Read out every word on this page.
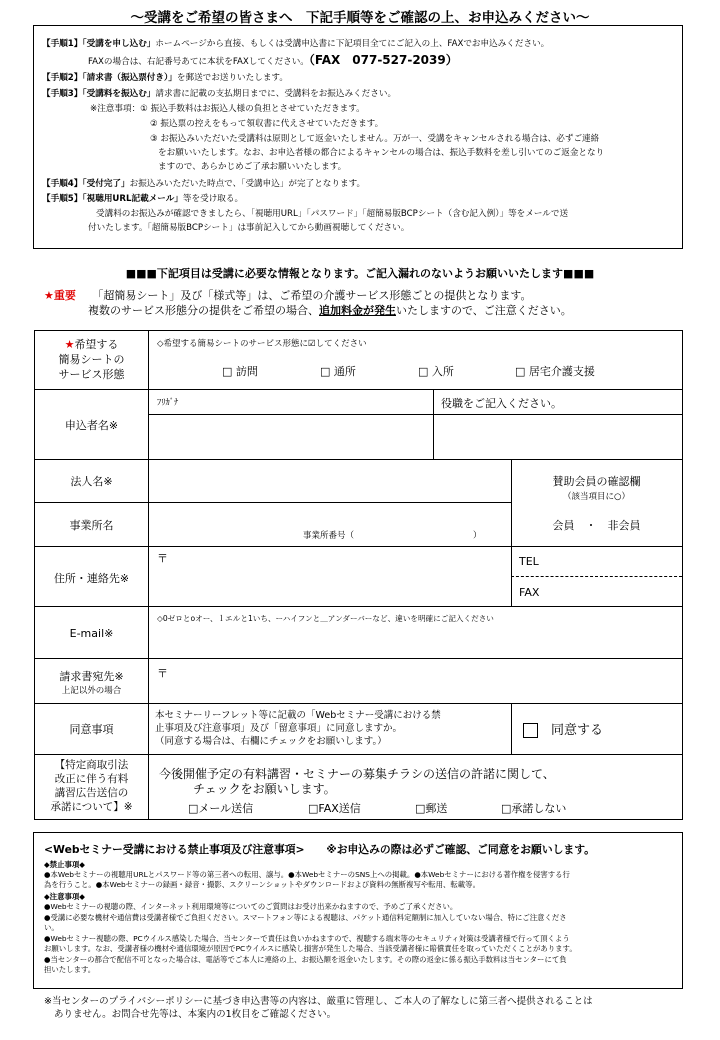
～受講をご希望の皆さまへ　下記手順等をご確認の上、お申込みください～
【手順1】「受講を申し込む」ホームページから直接、もしくは受講申込書に下記項目全てにご記入の上、FAXでお申込みください。
FAXの場合は、右記番号あてに本状をFAXしてください。（FAX　077-527-2039）
【手順2】「請求書（振込票付き）」を郵送でお送りいたします。
【手順3】「受講料を振込む」請求書に記載の支払期日までに、受講料をお振込みください。
※注意事項：① 振込手数料はお振込人様の負担とさせていただきます。
② 振込票の控えをもって領収書に代えさせていただきます。
③ お振込みいただいた受講料は原則として返金いたしません。万が一、受講をキャンセルされる場合は、必ずご連絡
をお願いいたします。なお、お申込者様の都合によるキャンセルの場合は、振込手数料を差し引いてのご返金となり
ますので、あらかじめご了承お願いいたします。
【手順4】「受付完了」お振込みいただいた時点で、「受講申込」が完了となります。
【手順5】「視聴用URL記載メール」等を受け取る。
受講料のお振込みが確認できましたら、「視聴用URL」「パスワード」「超簡易版BCPシート（含む記入例）」等をメールで送
付いたします。「超簡易版BCPシート」は事前記入してから動画視聴してください。
■■■下記項目は受講に必要な情報となります。ご記入漏れのないようお願いいたします■■■
★重要　　 「超簡易シート」及び「様式等」は、ご希望の介護サービス形態ごとの提供となります。
複数のサービス形態分の提供をご希望の場合、追加料金が発生いたしますので、ご注意ください。
★希望する
簡易シートの
サービス形態
◇希望する簡易シートのサービス形態に☑してください
□ 訪問	□ 通所	□ 入所	□ 居宅介護支援
申込者名※
ﾌﾘｶﾞﾅ	役職をご記入ください。
法人名※
事業所名
事業所番号（　　　　　　　　　　　　　　）
賛助会員の確認欄
（該当項目に○）
会員　・　非会員
住所・連絡先※
〒	TEL
FAX
E-mail※
◇0ゼロとoオー、ｌエルと1いち、ーハイフンと＿アンダーバーなど、違いを明確にご記入ください
請求書宛先※
上記以外の場合
〒
同意事項
本セミナーリーフレット等に記載の「Webセミナー受講における禁
止事項及び注意事項」及び「留意事項」に同意しますか。
（同意する場合は、右欄にチェックをお願いします。）
　同意する
【特定商取引法
改正に伴う有料
講習広告送信の
承諾について】※
今後開催予定の有料講習・セミナーの募集チラシの送信の許諾に関して、
チェックをお願いします。
□メール送信	□FAX送信	□郵送	□承諾しない
<Webセミナー受講における禁止事項及び注意事項>　　※お申込みの際は必ずご確認、ご同意をお願いします。
◆禁止事項◆
●本Webセミナーの視聴用URLとパスワード等の第三者への転用、譲与。●本WebセミナーのSNS上への掲載。●本Webセミナーにおける著作権を侵害する行
為を行うこと。●本Webセミナーの録画・録音・撮影、スクリーンショットやダウンロードおよび資料の無断複写や転用、転載等。
◆注意事項◆
●Webセミナーの視聴の際、インターネット利用環境等についてのご質問はお受け出来かねますので、予めご了承ください。
●受講に必要な機材や通信費は受講者様でご負担ください。スマートフォン等による視聴は、パケット通信料定額制に加入していない場合、特にご注意くださ
い。
●Webセミナー視聴の際、PCウイルス感染した場合、当センターで責任は負いかねますので、視聴する端末等のセキュリティ対策は受講者様で行って頂くよう
お願いします。なお、受講者様の機材や通信環境が原因でPCウイルスに感染し損害が発生した場合、当該受講者様に賠償責任を取っていただくことがあります。
●当センターの都合で配信不可となった場合は、電話等でご本人に連絡の上、お振込額を返金いたします。その際の返金に係る振込手数料は当センターにて負
担いたします。
※当センターのプライバシーポリシーに基づき申込書等の内容は、厳重に管理し、ご本人の了解なしに第三者へ提供されることは
ありません。お問合せ先等は、本案内の1枚目をご確認ください。
